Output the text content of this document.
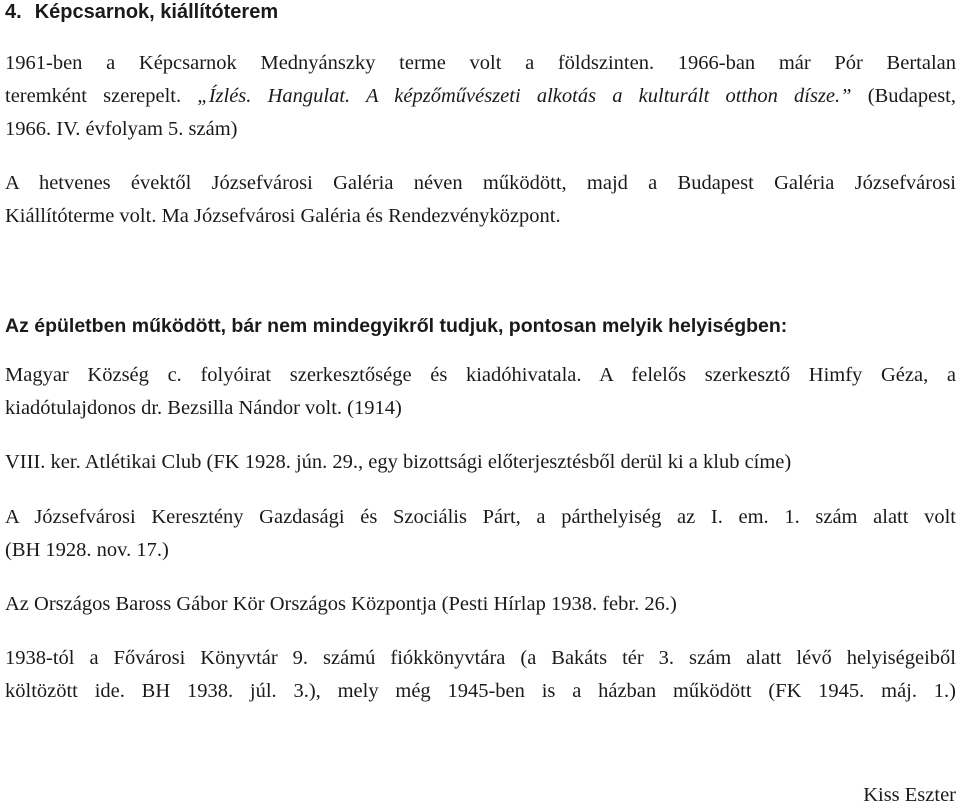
4. Képcsarnok, kiállítóterem
1961-ben a Képcsarnok Mednyánszky terme volt a földszinten. 1966-ban már Pór Bertalan
teremként szerepelt. „Ízlés. Hangulat. A képzőművészeti alkotás a kulturált otthon dísze.” (Budapest,
1966. IV. évfolyam 5. szám)
A hetvenes évektől Józsefvárosi Galéria néven működött, majd a Budapest Galéria Józsefvárosi
Kiállítóterme volt. Ma Józsefvárosi Galéria és Rendezvényközpont.
Az épületben működött, bár nem mindegyikről tudjuk, pontosan melyik helyiségben:
Magyar Község c. folyóirat szerkesztősége és kiadóhivatala. A felelős szerkesztő Himfy Géza, a
kiadótulajdonos dr. Bezsilla Nándor volt. (1914)
VIII. ker. Atlétikai Club (FK 1928. jún. 29., egy bizottsági előterjesztésből derül ki a klub címe)
A Józsefvárosi Keresztény Gazdasági és Szociális Párt, a párthelyiség az I. em. 1. szám alatt volt
(BH 1928. nov. 17.)
Az Országos Baross Gábor Kör Országos Központja (Pesti Hírlap 1938. febr. 26.)
1938-tól a Fővárosi Könyvtár 9. számú fiókkönyvtára (a Bakáts tér 3. szám alatt lévő helyiségeiből
költözött ide. BH 1938. júl. 3.), mely még 1945-ben is a házban működött (FK 1945. máj. 1.)
Kiss Eszter
